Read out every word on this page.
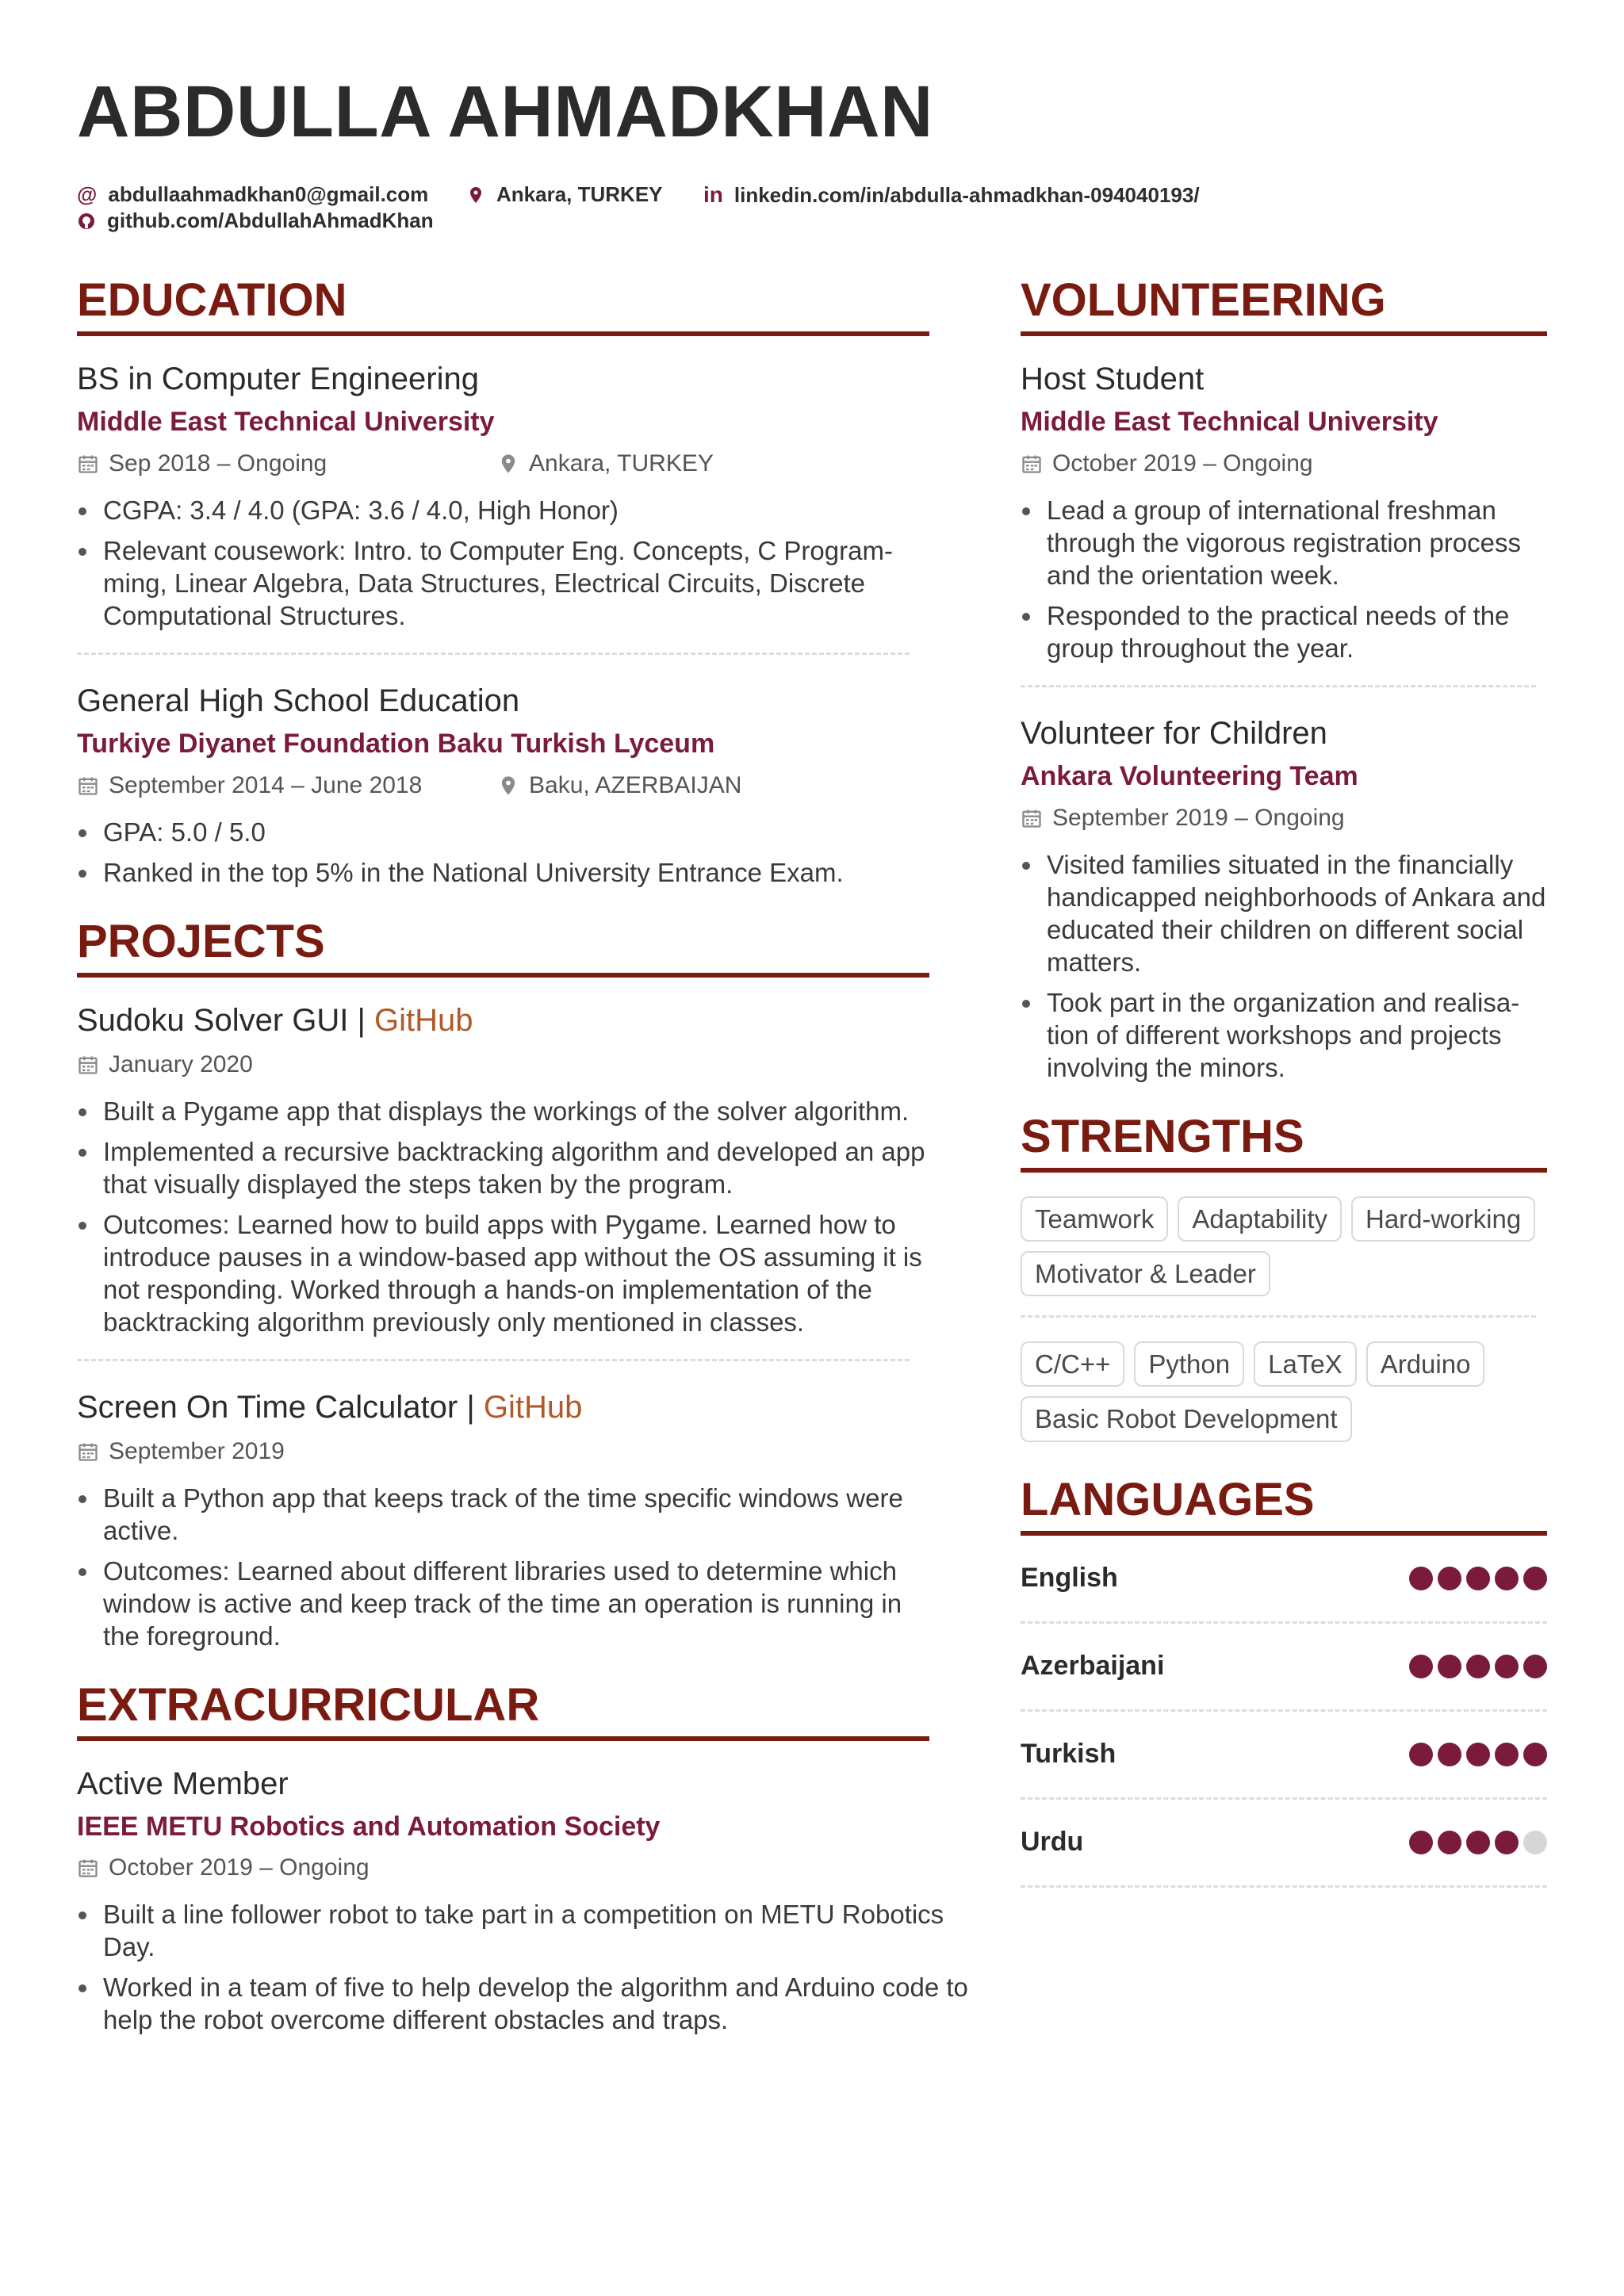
ABDULLA AHMADKHAN
@ abdullaahmadkhan0@gmail.com	Ankara, TURKEY in linkedin.com/in/abdulla-ahmadkhan-094040193/
github.com/AbdullahAhmadKhan
EDUCATION
BS in Computer Engineering
Middle East Technical University
Sep 2018 – Ongoing	Ankara, TURKEY
CGPA: 3.4 / 4.0 (GPA: 3.6 / 4.0, High Honor)
Relevant cousework: Intro. to Computer Eng. Concepts, C Program-ming, Linear Algebra, Data Structures, Electrical Circuits, Discrete Computational Structures.
General High School Education
Turkiye Diyanet Foundation Baku Turkish Lyceum
September 2014 – June 2018	Baku, AZERBAIJAN
GPA: 5.0 / 5.0
Ranked in the top 5% in the National University Entrance Exam.
PROJECTS
Sudoku Solver GUI | GitHub
January 2020
Built a Pygame app that displays the workings of the solver algorithm.
Implemented a recursive backtracking algorithm and developed an app that visually displayed the steps taken by the program.
Outcomes: Learned how to build apps with Pygame. Learned how to introduce pauses in a window-based app without the OS assuming it is not responding. Worked through a hands-on implementation of the backtracking algorithm previously only mentioned in classes.
Screen On Time Calculator | GitHub
September 2019
Built a Python app that keeps track of the time specific windows were active.
Outcomes: Learned about different libraries used to determine which window is active and keep track of the time an operation is running in the foreground.
EXTRACURRICULAR
Active Member
IEEE METU Robotics and Automation Society
October 2019 – Ongoing
Built a line follower robot to take part in a competition on METU Robotics Day.
Worked in a team of five to help develop the algorithm and Arduino code to help the robot overcome different obstacles and traps.
VOLUNTEERING
Host Student
Middle East Technical University
October 2019 – Ongoing
Lead a group of international freshman through the vigorous registration process and the orientation week.
Responded to the practical needs of the group throughout the year.
Volunteer for Children
Ankara Volunteering Team
September 2019 – Ongoing
Visited families situated in the financially handicapped neighborhoods of Ankara and educated their children on different social matters.
Took part in the organization and realisa-tion of different workshops and projects involving the minors.
STRENGTHS
Teamwork	Adaptability	Hard-working
Motivator & Leader
C/C++	Python	LaTeX	Arduino
Basic Robot Development
LANGUAGES
English
Azerbaijani
Turkish
Urdu
